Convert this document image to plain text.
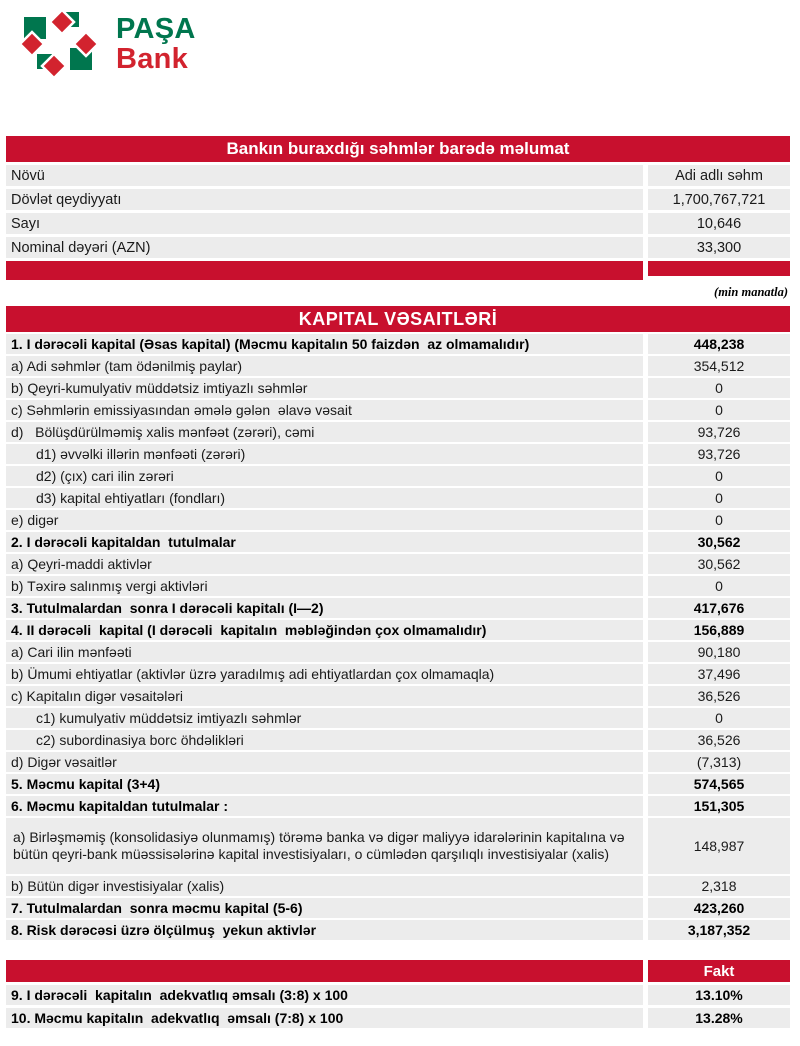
PAŞA
Bank
Bankın buraxdığı səhmlər barədə məlumat
Növü	Adi adlı səhm
Dövlət qeydiyyatı	1,700,767,721
Sayı	10,646
Nominal dəyəri (AZN)	33,300
(min manatla)
KAPITAL VƏSAITLƏRİ
1. I dərəcəli kapital (Əsas kapital) (Məcmu kapitalın 50 faizdən  az olmamalıdır)	448,238
a) Adi səhmlər (tam ödənilmiş paylar)	354,512
b) Qeyri-kumulyativ müddətsiz imtiyazlı səhmlər	0
c) Səhmlərin emissiyasından əmələ gələn  əlavə vəsait	0
d)   Bölüşdürülməmiş xalis mənfəət (zərəri), cəmi	93,726
d1) əvvəlki illərin mənfəəti (zərəri)	93,726
d2) (çıx) cari ilin zərəri	0
d3) kapital ehtiyatları (fondları)	0
e) digər	0
2. I dərəcəli kapitaldan  tutulmalar	30,562
a) Qeyri-maddi aktivlər	30,562
b) Təxirə salınmış vergi aktivləri	0
3. Tutulmalardan  sonra I dərəcəli kapitalı (I—2)	417,676
4. II dərəcəli  kapital (I dərəcəli  kapitalın  məbləğindən çox olmamalıdır)	156,889
a) Cari ilin mənfəəti	90,180
b) Ümumi ehtiyatlar (aktivlər üzrə yaradılmış adi ehtiyatlardan çox olmamaqla)	37,496
c) Kapitalın digər vəsaitələri	36,526
c1) kumulyativ müddətsiz imtiyazlı səhmlər	0
c2) subordinasiya borc öhdəlikləri	36,526
d) Digər vəsaitlər	(7,313)
5. Məcmu kapital (3+4)	574,565
6. Məcmu kapitaldan tutulmalar :	151,305
a) Birləşməmiş (konsolidasiyə olunmamış) törəmə banka və digər maliyyə idarələrinin kapitalına və bütün qeyri-bank müəssisələrinə kapital investisiyaları, o cümlədən qarşılıqlı investisiyalar (xalis)	148,987
b) Bütün digər investisiyalar (xalis)	2,318
7. Tutulmalardan  sonra məcmu kapital (5-6)	423,260
8. Risk dərəcəsi üzrə ölçülmuş  yekun aktivlər	3,187,352
Fakt
9. I dərəcəli  kapitalın  adekvatlıq əmsalı (3:8) x 100	13.10%
10. Məcmu kapitalın  adekvatlıq  əmsalı (7:8) x 100	13.28%
